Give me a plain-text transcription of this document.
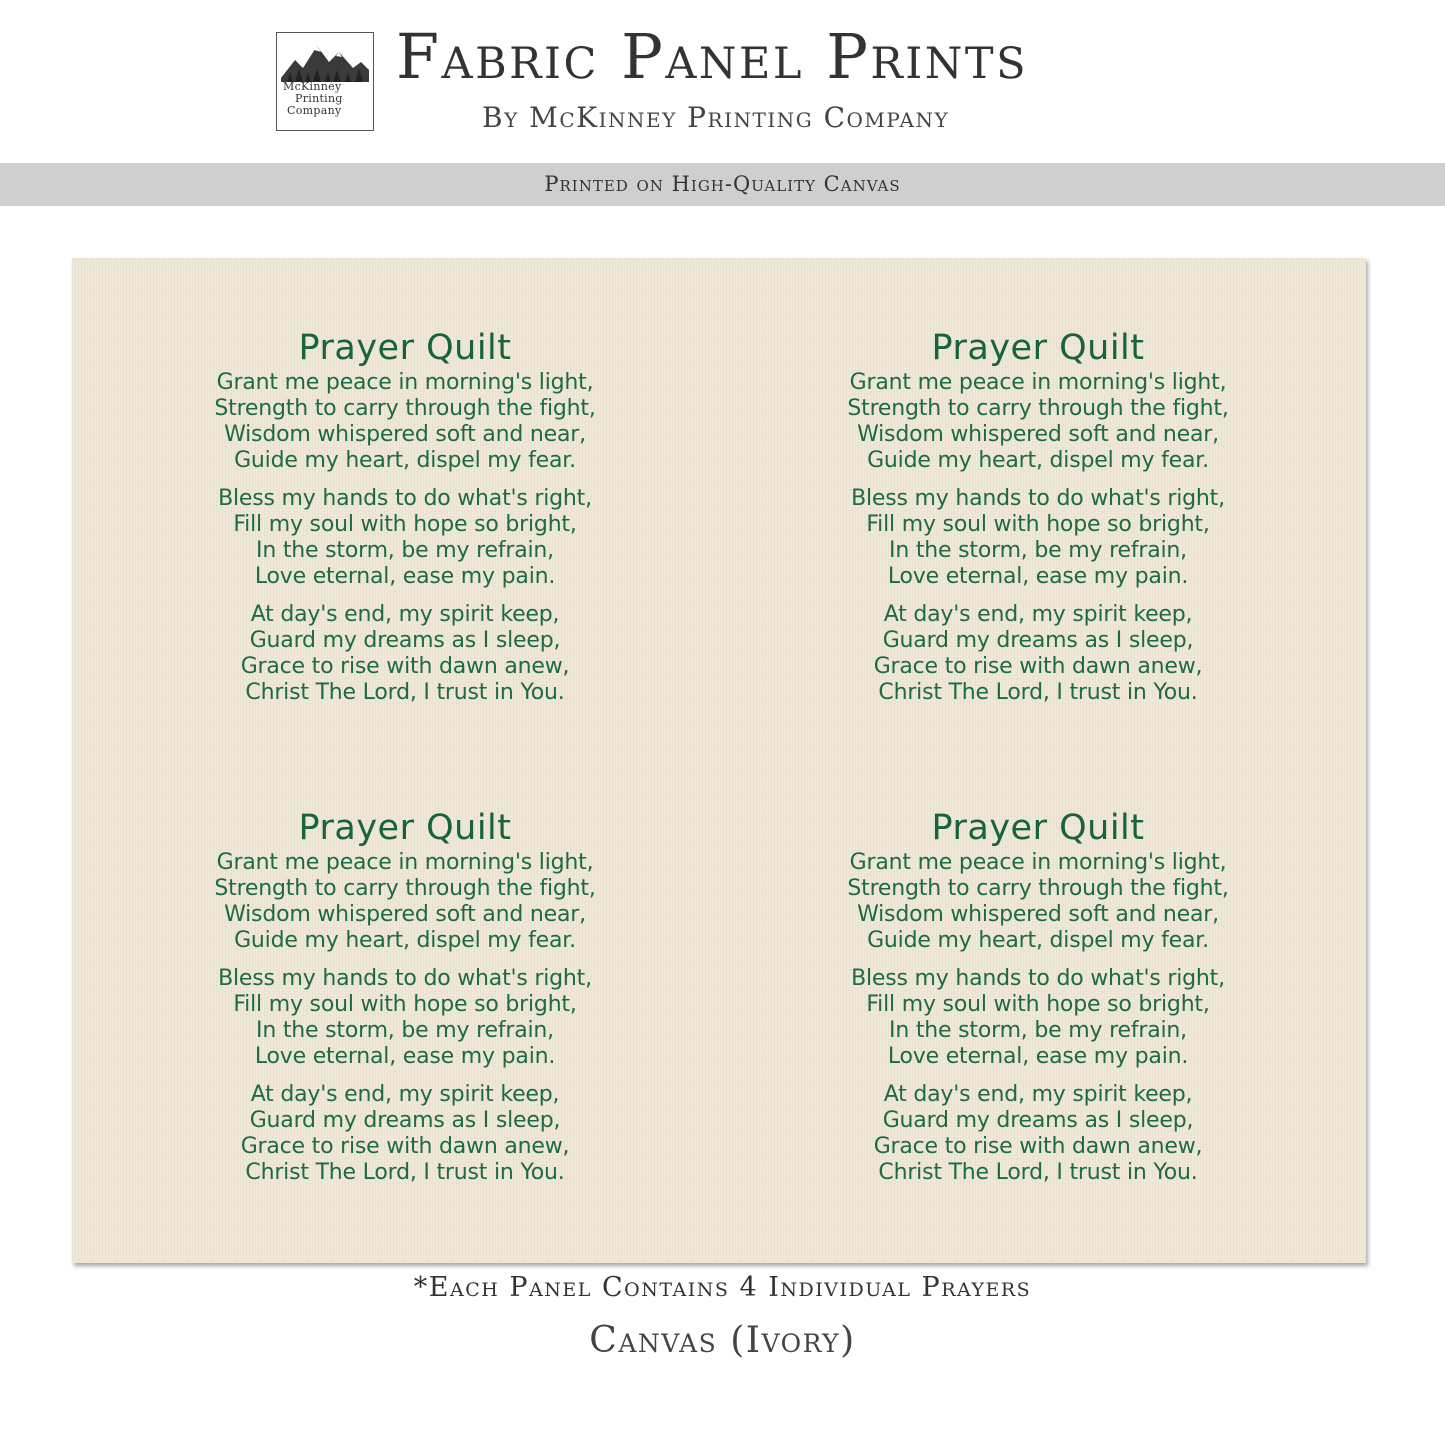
McKinney
Printing
Company
Fabric Panel Prints
By McKinney Printing Company
Printed on High-Quality Canvas
Prayer Quilt
Grant me peace in morning's light,
Strength to carry through the fight,
Wisdom whispered soft and near,
Guide my heart, dispel my fear.
Bless my hands to do what's right,
Fill my soul with hope so bright,
In the storm, be my refrain,
Love eternal, ease my pain.
At day's end, my spirit keep,
Guard my dreams as I sleep,
Grace to rise with dawn anew,
Christ The Lord, I trust in You.
Prayer Quilt
Grant me peace in morning's light,
Strength to carry through the fight,
Wisdom whispered soft and near,
Guide my heart, dispel my fear.
Bless my hands to do what's right,
Fill my soul with hope so bright,
In the storm, be my refrain,
Love eternal, ease my pain.
At day's end, my spirit keep,
Guard my dreams as I sleep,
Grace to rise with dawn anew,
Christ The Lord, I trust in You.
Prayer Quilt
Grant me peace in morning's light,
Strength to carry through the fight,
Wisdom whispered soft and near,
Guide my heart, dispel my fear.
Bless my hands to do what's right,
Fill my soul with hope so bright,
In the storm, be my refrain,
Love eternal, ease my pain.
At day's end, my spirit keep,
Guard my dreams as I sleep,
Grace to rise with dawn anew,
Christ The Lord, I trust in You.
Prayer Quilt
Grant me peace in morning's light,
Strength to carry through the fight,
Wisdom whispered soft and near,
Guide my heart, dispel my fear.
Bless my hands to do what's right,
Fill my soul with hope so bright,
In the storm, be my refrain,
Love eternal, ease my pain.
At day's end, my spirit keep,
Guard my dreams as I sleep,
Grace to rise with dawn anew,
Christ The Lord, I trust in You.
*Each Panel Contains 4 Individual Prayers
Canvas (Ivory)
